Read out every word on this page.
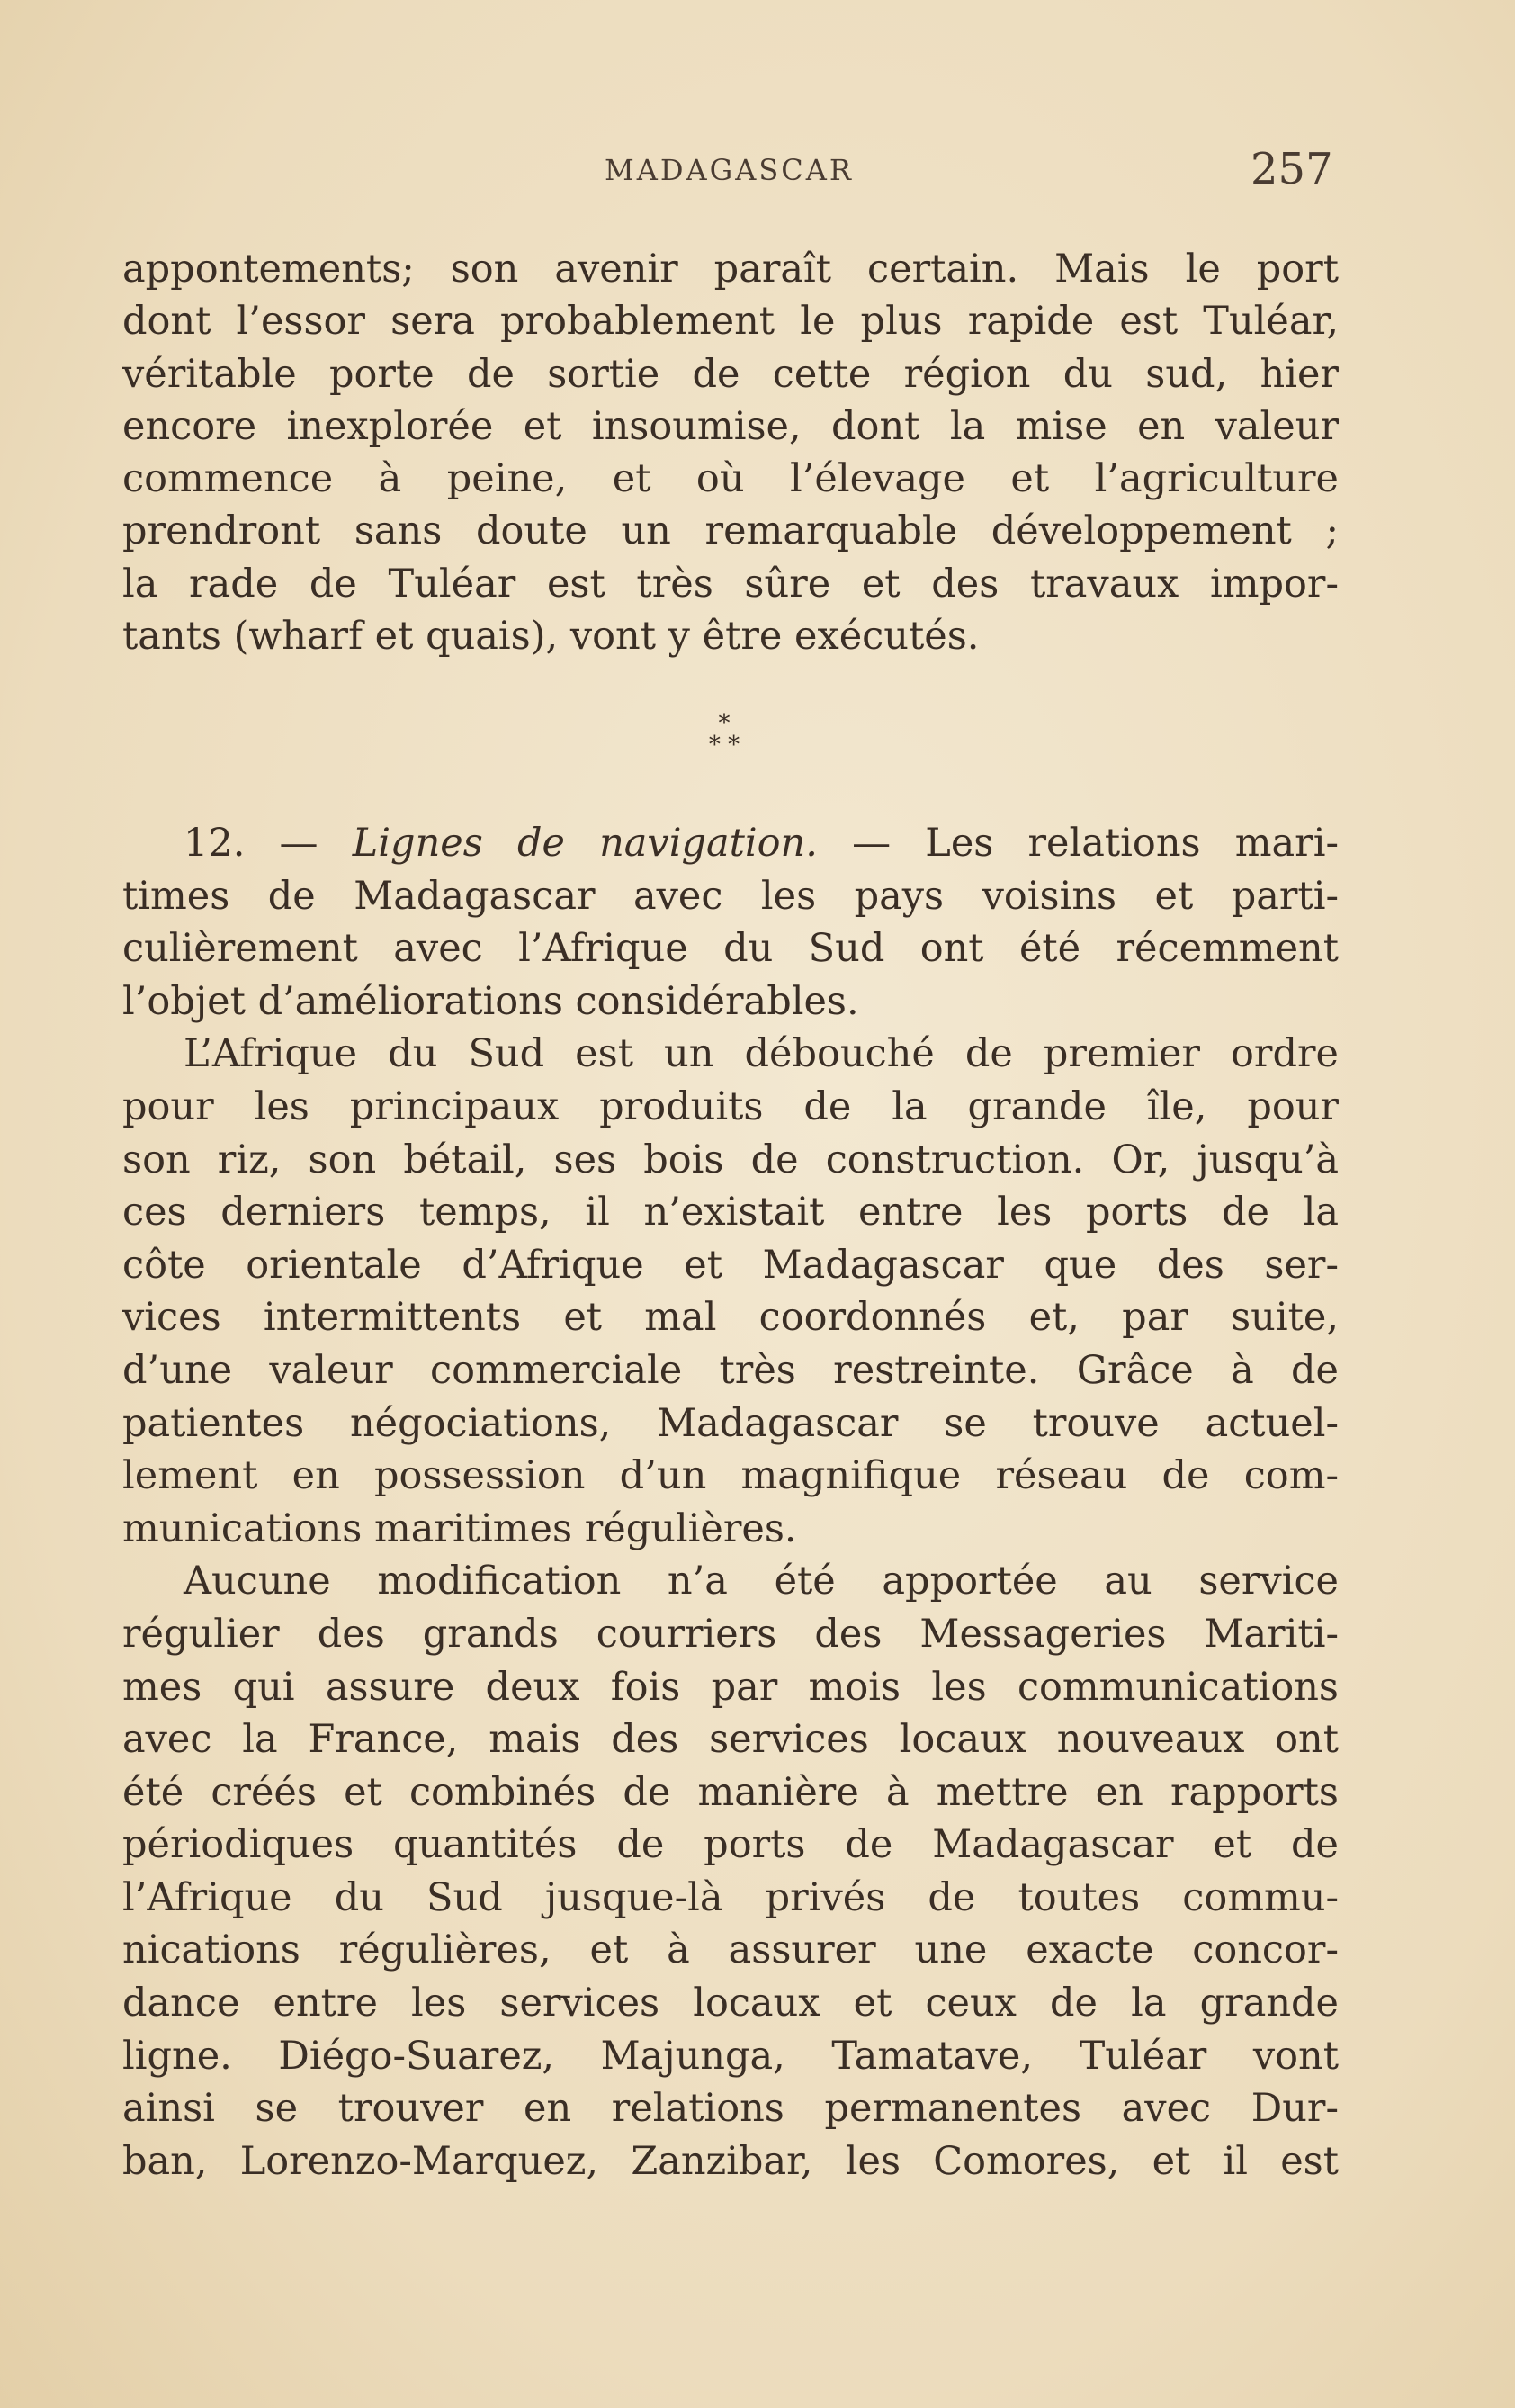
MADAGASCAR	257
appontements; son avenir paraît certain. Mais le port
dont l’essor sera probablement le plus rapide est Tuléar,
véritable porte de sortie de cette région du sud, hier
encore inexplorée et insoumise, dont la mise en valeur
commence à peine, et où l’élevage et l’agriculture
prendront sans doute un remarquable développement ;
la rade de Tuléar est très sûre et des travaux impor-
tants (wharf et quais), vont y être exécutés.
*
* *
12. — Lignes de navigation. — Les relations mari-
times de Madagascar avec les pays voisins et parti-
culièrement avec l’Afrique du Sud ont été récemment
l’objet d’améliorations considérables.
L’Afrique du Sud est un débouché de premier ordre
pour les principaux produits de la grande île, pour
son riz, son bétail, ses bois de construction. Or, jusqu’à
ces derniers temps, il n’existait entre les ports de la
côte orientale d’Afrique et Madagascar que des ser-
vices intermittents et mal coordonnés et, par suite,
d’une valeur commerciale très restreinte. Grâce à de
patientes négociations, Madagascar se trouve actuel-
lement en possession d’un magnifique réseau de com-
munications maritimes régulières.
Aucune modification n’a été apportée au service
régulier des grands courriers des Messageries Mariti-
mes qui assure deux fois par mois les communications
avec la France, mais des services locaux nouveaux ont
été créés et combinés de manière à mettre en rapports
périodiques quantités de ports de Madagascar et de
l’Afrique du Sud jusque-là privés de toutes commu-
nications régulières, et à assurer une exacte concor-
dance entre les services locaux et ceux de la grande
ligne. Diégo-Suarez, Majunga, Tamatave, Tuléar vont
ainsi se trouver en relations permanentes avec Dur-
ban, Lorenzo-Marquez, Zanzibar, les Comores, et il est
